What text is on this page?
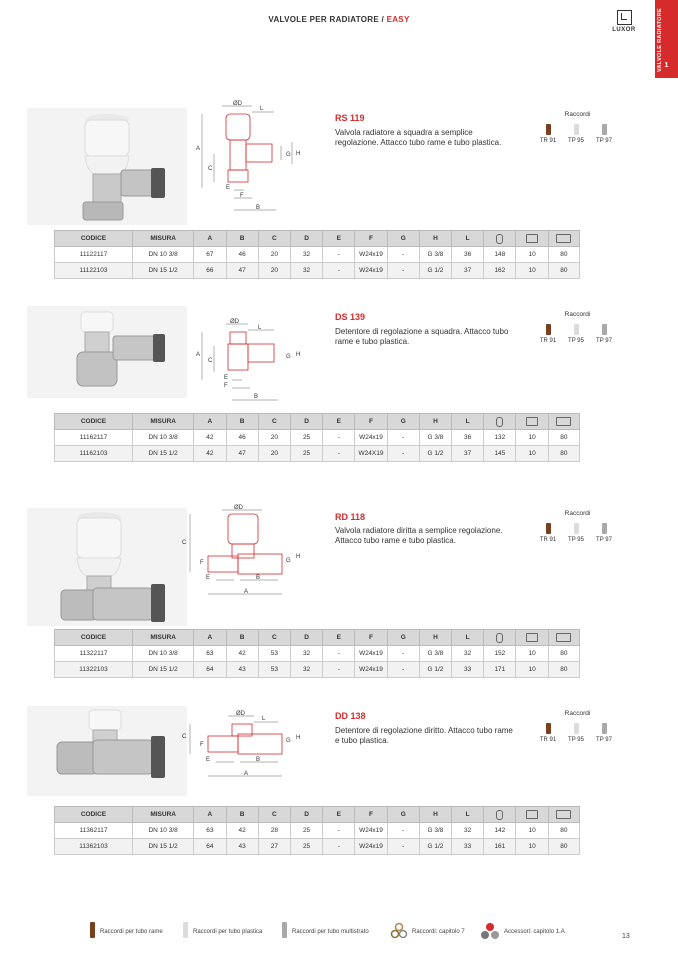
VALVOLE PER RADIATORE / EASY
LUXOR	VALVOLE RADIATORE 1
ØD
L
A
C
G H
E
F
B
RS 119
Valvola radiatore a squadra a semplice regolazione. Attacco tubo rame e tubo plastica.
Raccordi
TR 91	TP 95	TP 97
CODICE	MISURA	A	B	C	D	E	F	G	H	L			
11122117	DN 10 3/8	67	46	20	32	-	W24x19	-	G 3/8	36	148	10	80
11122103	DN 15 1/2	66	47	20	32	-	W24x19	-	G 1/2	37	162	10	80
ØD
L
A
C
G H
E
F
B
DS 139
Detentore di regolazione a squadra. Attacco tubo rame e tubo plastica.
Raccordi
TR 91	TP 95	TP 97
CODICE	MISURA	A	B	C	D	E	F	G	H	L			
11162117	DN 10 3/8	42	46	20	25	-	W24x19	-	G 3/8	36	132	10	80
11162103	DN 15 1/2	42	47	20	25	-	W24X19	-	G 1/2	37	145	10	80
ØD
C
F	G
H
E	B
A
RD 118
Valvola radiatore diritta a semplice regolazione. Attacco tubo rame e tubo plastica.
Raccordi
TR 91	TP 95	TP 97
CODICE	MISURA	A	B	C	D	E	F	G	H	L			
11322117	DN 10 3/8	63	42	53	32	-	W24x19	-	G 3/8	32	152	10	80
11322103	DN 15 1/2	64	43	53	32	-	W24x19	-	G 1/2	33	171	10	80
ØD
L
C
F
G H
E	B
A
DD 138
Detentore di regolazione diritto. Attacco tubo rame e tubo plastica.
Raccordi
TR 91	TP 95	TP 97
CODICE	MISURA	A	B	C	D	E	F	G	H	L			
11362117	DN 10 3/8	63	42	28	25	-	W24x19	-	G 3/8	32	142	10	80
11362103	DN 15 1/2	64	43	27	25	-	W24x19	-	G 1/2	33	161	10	80
Raccordi per tubo rame	Raccordi per tubo plastica	Raccordi per tubo multistrato	Raccordi: capitolo 7	Accessori: capitolo 1.A
13
